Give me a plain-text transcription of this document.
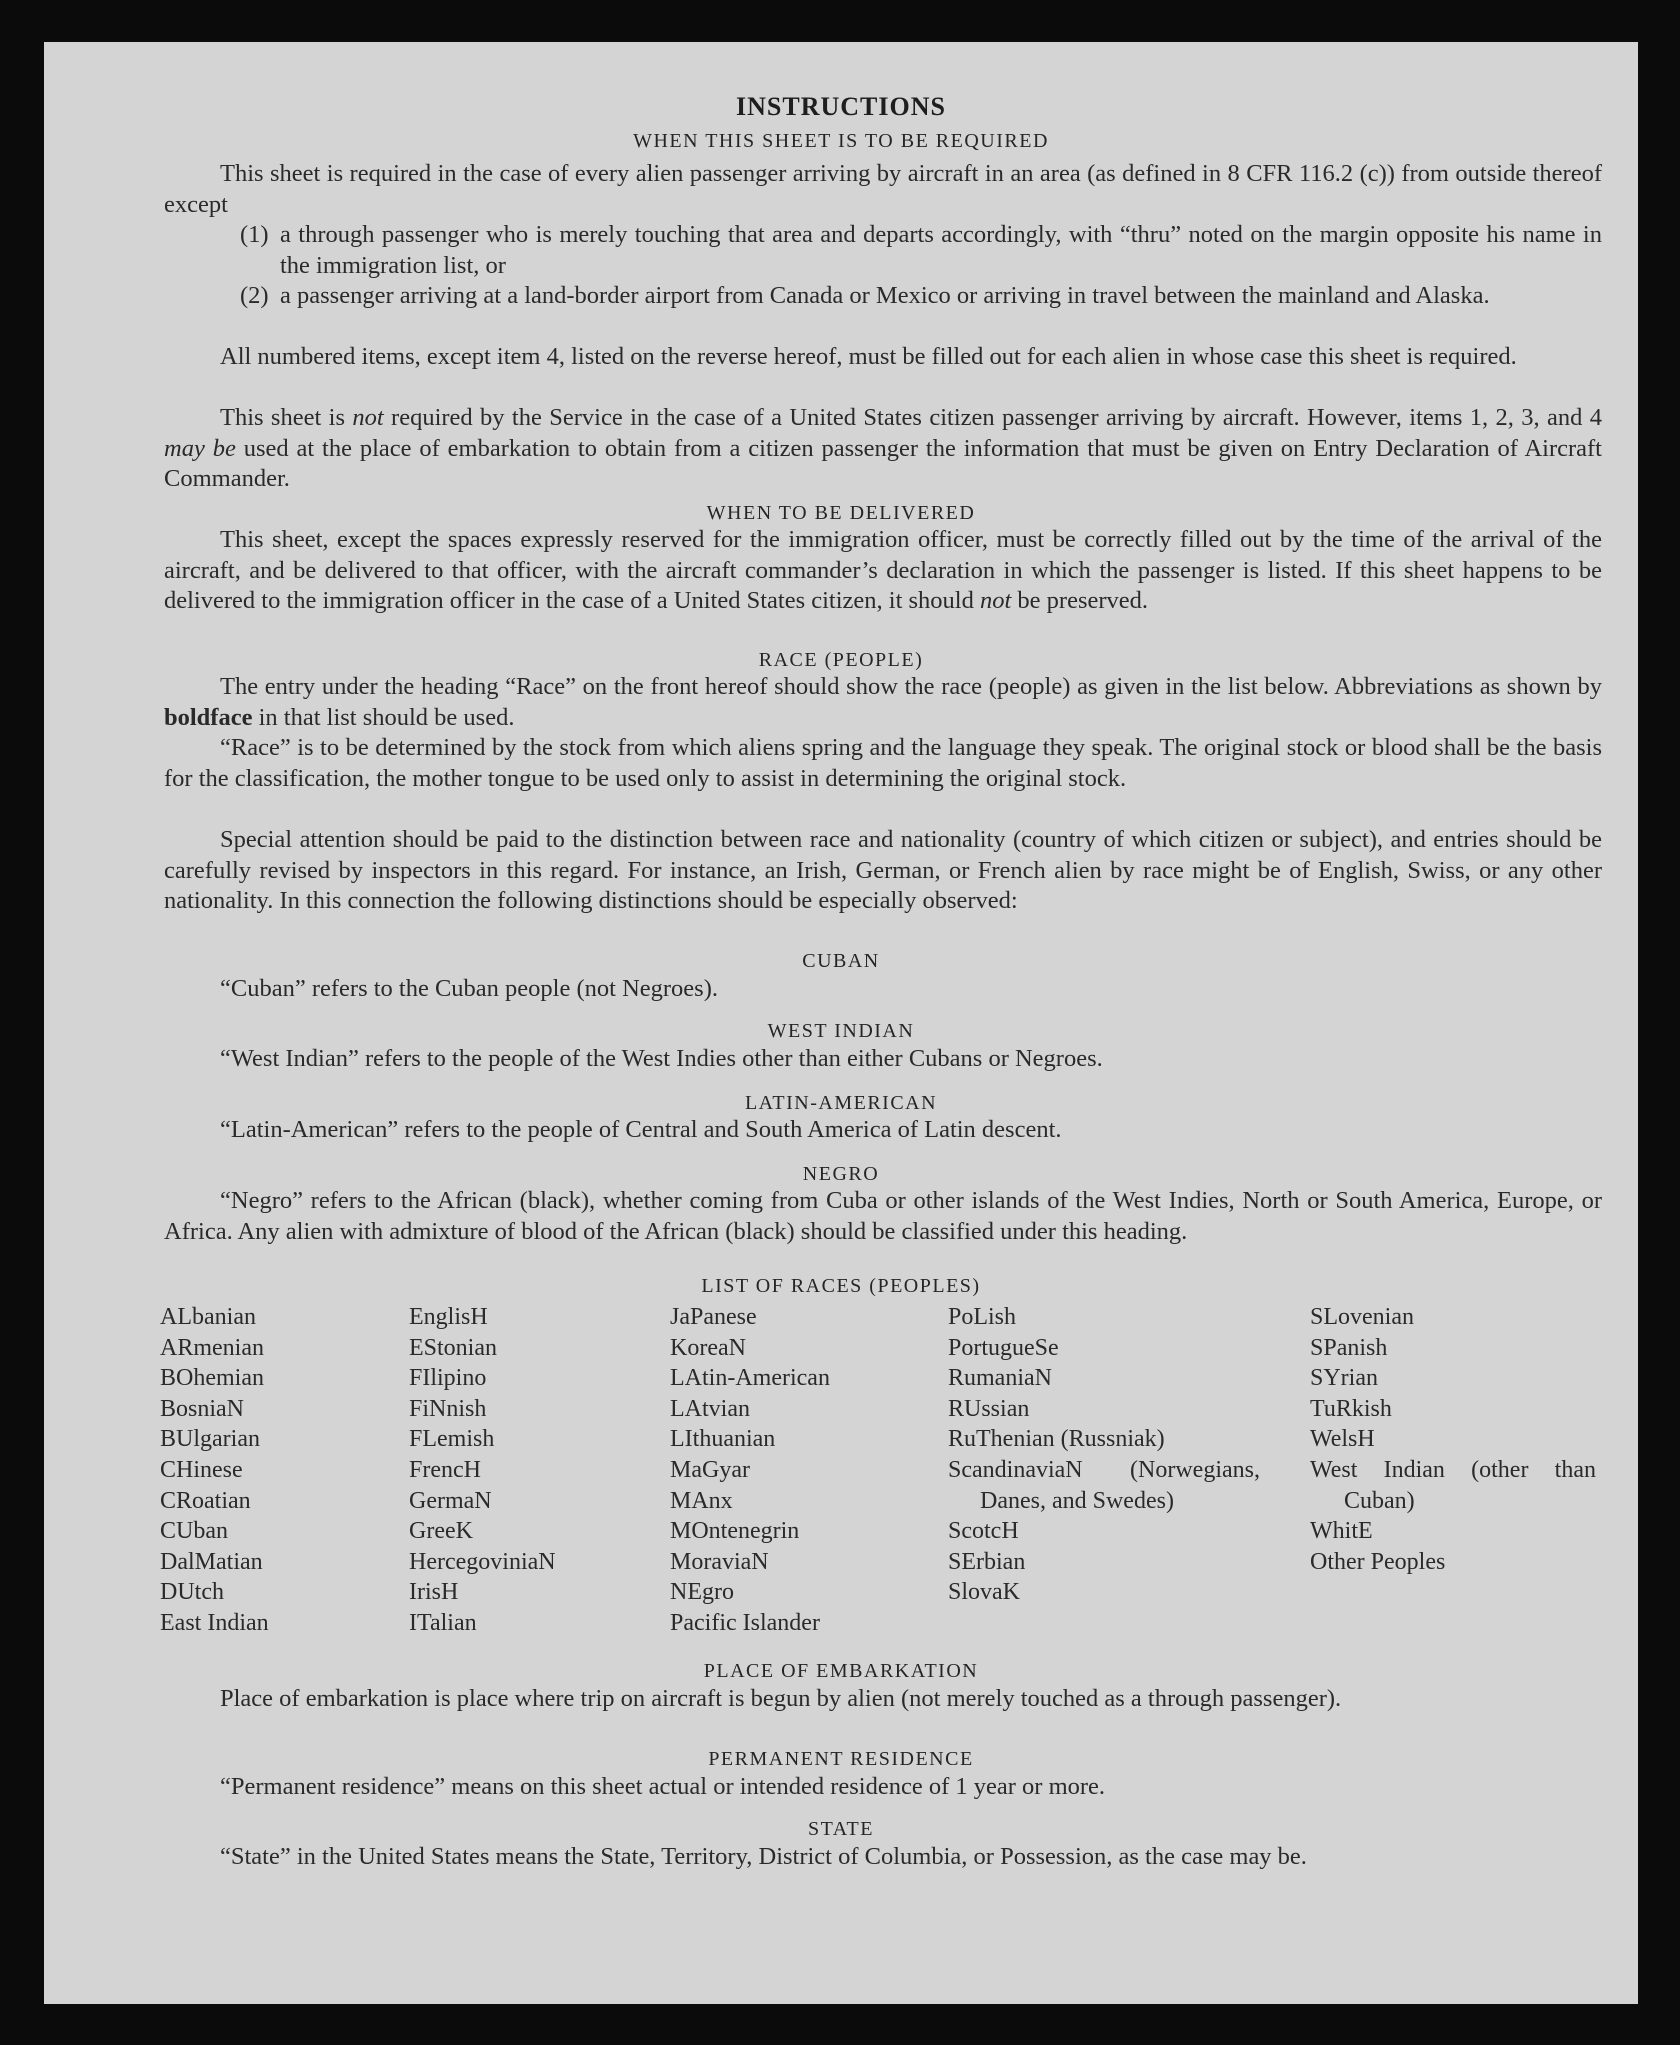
INSTRUCTIONS
WHEN THIS SHEET IS TO BE REQUIRED
This sheet is required in the case of every alien passenger arriving by aircraft in an area (as defined in 8 CFR 116.2 (c)) from outside thereof except
(1) a through passenger who is merely touching that area and departs accordingly, with “thru” noted on the margin opposite his name in the immigration list, or
(2) a passenger arriving at a land-border airport from Canada or Mexico or arriving in travel between the mainland and Alaska.
All numbered items, except item 4, listed on the reverse hereof, must be filled out for each alien in whose case this sheet is required.
This sheet is not required by the Service in the case of a United States citizen passenger arriving by aircraft. However, items 1, 2, 3, and 4 may be used at the place of embarkation to obtain from a citizen passenger the information that must be given on Entry Declaration of Aircraft Commander.
WHEN TO BE DELIVERED
This sheet, except the spaces expressly reserved for the immigration officer, must be correctly filled out by the time of the arrival of the aircraft, and be delivered to that officer, with the aircraft commander’s declaration in which the passenger is listed. If this sheet happens to be delivered to the immigration officer in the case of a United States citizen, it should not be preserved.
RACE (PEOPLE)
The entry under the heading “Race” on the front hereof should show the race (people) as given in the list below. Abbreviations as shown by boldface in that list should be used.
“Race” is to be determined by the stock from which aliens spring and the language they speak. The original stock or blood shall be the basis for the classification, the mother tongue to be used only to assist in determining the original stock.
Special attention should be paid to the distinction between race and nationality (country of which citizen or subject), and entries should be carefully revised by inspectors in this regard. For instance, an Irish, German, or French alien by race might be of English, Swiss, or any other nationality. In this connection the following distinctions should be especially observed:
CUBAN
“Cuban” refers to the Cuban people (not Negroes).
WEST INDIAN
“West Indian” refers to the people of the West Indies other than either Cubans or Negroes.
LATIN-AMERICAN
“Latin-American” refers to the people of Central and South America of Latin descent.
NEGRO
“Negro” refers to the African (black), whether coming from Cuba or other islands of the West Indies, North or South America, Europe, or Africa. Any alien with admixture of blood of the African (black) should be classified under this heading.
LIST OF RACES (PEOPLES)
ALbanian
ARmenian
BOhemian
BosniaN
BUlgarian
CHinese
CRoatian
CUban
DalMatian
DUtch
East Indian
EnglisH
EStonian
FIlipino
FiNnish
FLemish
FrencH
GermaN
GreeK
HercegoviniaN
IrisH
ITalian
JaPanese
KoreaN
LAtin-American
LAtvian
LIthuanian
MaGyar
MAnx
MOntenegrin
MoraviaN
NEgro
Pacific Islander
PoLish
PortugueSe
RumaniaN
RUssian
RuThenian (Russniak)
ScandinaviaN (Norwegians, Danes, and Swedes)
ScotcH
SErbian
SlovaK
SLovenian
SPanish
SYrian
TuRkish
WelsH
West Indian (other than Cuban)
WhitE
Other Peoples
PLACE OF EMBARKATION
Place of embarkation is place where trip on aircraft is begun by alien (not merely touched as a through passenger).
PERMANENT RESIDENCE
“Permanent residence” means on this sheet actual or intended residence of 1 year or more.
STATE
“State” in the United States means the State, Territory, District of Columbia, or Possession, as the case may be.
